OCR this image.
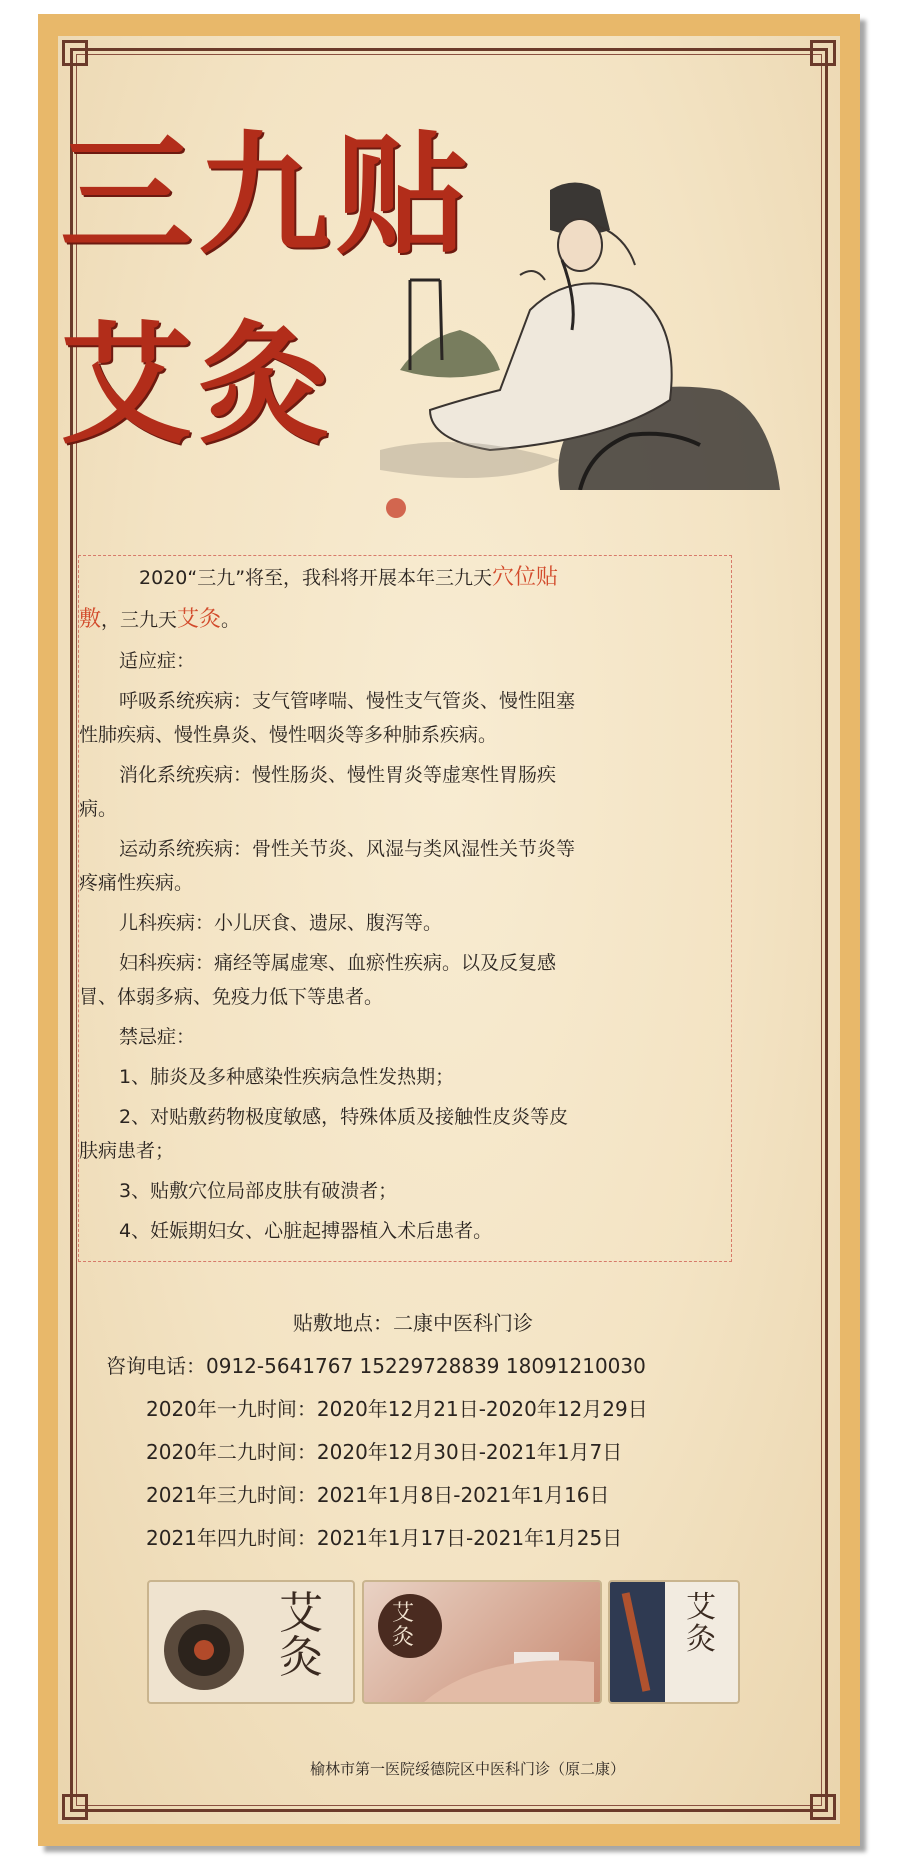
三九贴
艾灸
2020“三九”将至，我科将开展本年三九天穴位贴
敷，三九天艾灸。
适应症：
呼吸系统疾病：支气管哮喘、慢性支气管炎、慢性阻塞
性肺疾病、慢性鼻炎、慢性咽炎等多种肺系疾病。
消化系统疾病：慢性肠炎、慢性胃炎等虚寒性胃肠疾
病。
运动系统疾病：骨性关节炎、风湿与类风湿性关节炎等
疼痛性疾病。
儿科疾病：小儿厌食、遗尿、腹泻等。
妇科疾病：痛经等属虚寒、血瘀性疾病。以及反复感
冒、体弱多病、免疫力低下等患者。
禁忌症：
1、肺炎及多种感染性疾病急性发热期；
2、对贴敷药物极度敏感，特殊体质及接触性皮炎等皮
肤病患者；
3、贴敷穴位局部皮肤有破溃者；
4、妊娠期妇女、心脏起搏器植入术后患者。
贴敷地点：二康中医科门诊
咨询电话：0912-5641767 15229728839 18091210030
2020年一九时间：2020年12月21日-2020年12月29日
2020年二九时间：2020年12月30日-2021年1月7日
2021年三九时间：2021年1月8日-2021年1月16日
2021年四九时间：2021年1月17日-2021年1月25日
艾灸
艾灸
艾灸
榆林市第一医院绥德院区中医科门诊（原二康）
